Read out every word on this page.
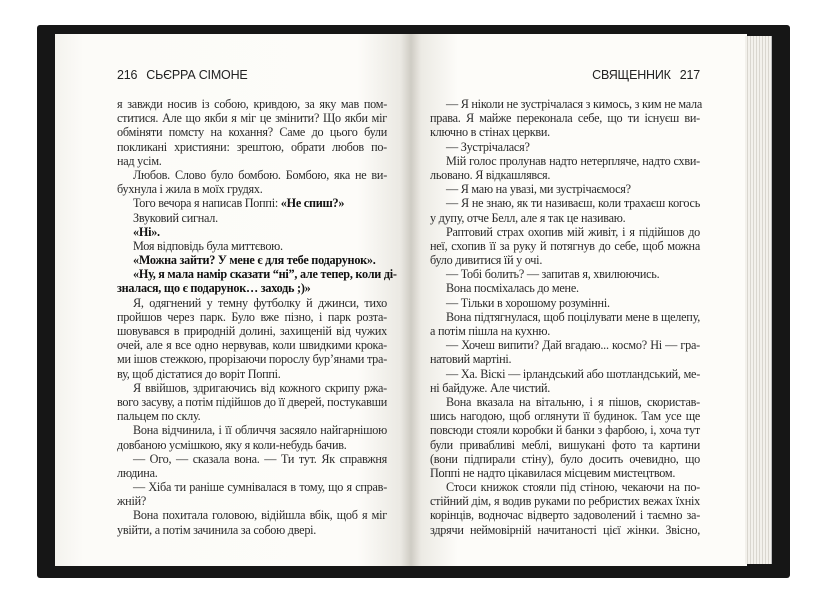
216 СЬЄРРА СІМОНЕ	СВЯЩЕННИК 217
я завжди носив із собою, кривдою, за яку мав пом-
ститися. Але що якби я міг це змінити? Що якби міг
обміняти помсту на кохання? Саме до цього були
покликані християни: зрештою, обрати любов по-
над усім.
Любов. Слово було бомбою. Бомбою, яка не ви-
бухнула і жила в моїх грудях.
Того вечора я написав Поппі: «Не спиш?»
Звуковий сигнал.
«Ні».
Моя відповідь була миттєвою.
«Можна зайти? У мене є для тебе подарунок».
«Ну, я мала намір сказати “ні”, але тепер, коли ді-
зналася, що є подарунок… заходь ;)»
Я, одягнений у темну футболку й джинси, тихо
пройшов через парк. Було вже пізно, і парк розта-
шовувався в природній долині, захищеній від чужих
очей, але я все одно нервував, коли швидкими крока-
ми ішов стежкою, прорізаючи порослу бур’янами тра-
ву, щоб дістатися до воріт Поппі.
Я ввійшов, здригаючись від кожного скрипу ржа-
вого засуву, а потім підійшов до її дверей, постукавши
пальцем по склу.
Вона відчинила, і її обличчя засяяло найгарнішою
довбаною усмішкою, яку я коли-небудь бачив.
— Ого, — сказала вона. — Ти тут. Як справжня
людина.
— Хіба ти раніше сумнівалася в тому, що я справ-
жній?
Вона похитала головою, відійшла вбік, щоб я міг
увійти, а потім зачинила за собою двері.
— Я ніколи не зустрічалася з кимось, з ким не мала
права. Я майже переконала себе, що ти існуєш ви-
ключно в стінах церкви.
— Зустрічалася?
Мій голос пролунав надто нетерпляче, надто схви-
льовано. Я відкашлявся.
— Я маю на увазі, ми зустрічаємося?
— Я не знаю, як ти називаєш, коли трахаєш когось
у дупу, отче Белл, але я так це називаю.
Раптовий страх охопив мій живіт, і я підійшов до
неї, схопив її за руку й потягнув до себе, щоб можна
було дивитися їй у очі.
— Тобі болить? — запитав я, хвилюючись.
Вона посміхалась до мене.
— Тільки в хорошому розумінні.
Вона підтягнулася, щоб поцілувати мене в щелепу,
а потім пішла на кухню.
— Хочеш випити? Дай вгадаю... космо? Ні — гра-
натовий мартіні.
— Ха. Віскі — ірландський або шотландський, ме-
ні байдуже. Але чистий.
Вона вказала на вітальню, і я пішов, скористав-
шись нагодою, щоб оглянути її будинок. Там усе ще
повсюди стояли коробки й банки з фарбою, і, хоча тут
були привабливі меблі, вишукані фото та картини
(вони підпирали стіну), було досить очевидно, що
Поппі не надто цікавилася місцевим мистецтвом.
Стоси книжок стояли під стіною, чекаючи на по-
стійний дім, я водив руками по ребристих вежах їхніх
корінців, водночас відверто задоволений і таємно за-
здрячи неймовірній начитаності цієї жінки. Звісно,
